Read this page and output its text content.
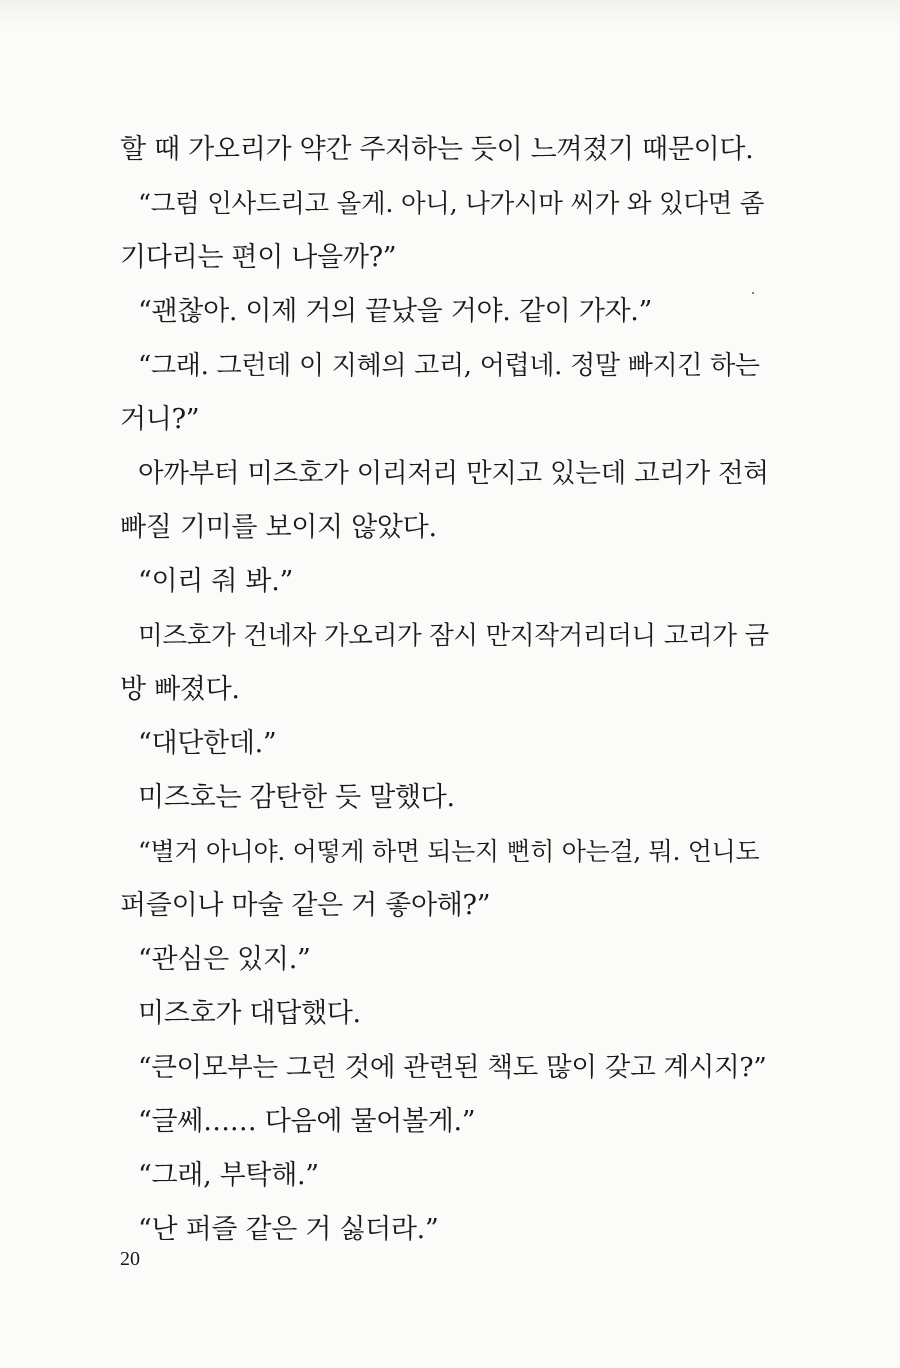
할 때 가오리가 약간 주저하는 듯이 느껴졌기 때문이다.
“그럼 인사드리고 올게. 아니, 나가시마 씨가 와 있다면 좀
기다리는 편이 나을까?”
“괜찮아. 이제 거의 끝났을 거야. 같이 가자.”
“그래. 그런데 이 지혜의 고리, 어렵네. 정말 빠지긴 하는
거니?”
아까부터 미즈호가 이리저리 만지고 있는데 고리가 전혀
빠질 기미를 보이지 않았다.
“이리 줘 봐.”
미즈호가 건네자 가오리가 잠시 만지작거리더니 고리가 금
방 빠졌다.
“대단한데.”
미즈호는 감탄한 듯 말했다.
“별거 아니야. 어떻게 하면 되는지 뻔히 아는걸, 뭐. 언니도
퍼즐이나 마술 같은 거 좋아해?”
“관심은 있지.”
미즈호가 대답했다.
“큰이모부는 그런 것에 관련된 책도 많이 갖고 계시지?”
“글쎄…… 다음에 물어볼게.”
“그래, 부탁해.”
“난 퍼즐 같은 거 싫더라.”
20
